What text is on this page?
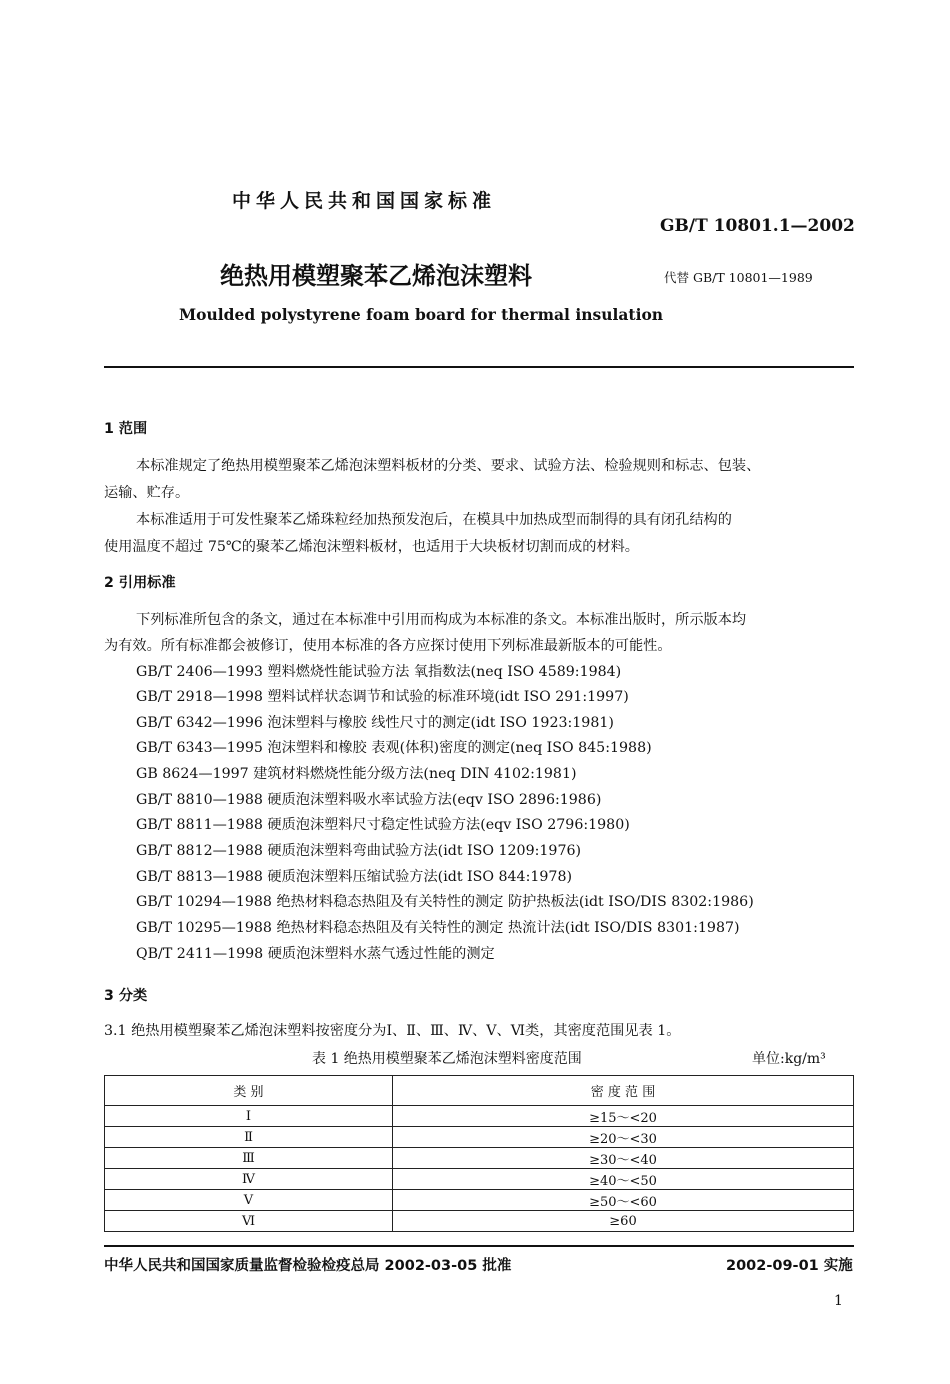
中华人民共和国国家标准
GB/T 10801.1—2002
绝热用模塑聚苯乙烯泡沫塑料	代替 GB/T 10801—1989
Moulded polystyrene foam board for thermal insulation
1 范围
本标准规定了绝热用模塑聚苯乙烯泡沫塑料板材的分类、要求、试验方法、检验规则和标志、包装、
运输、贮存。
本标准适用于可发性聚苯乙烯珠粒经加热预发泡后，在模具中加热成型而制得的具有闭孔结构的
使用温度不超过 75℃的聚苯乙烯泡沫塑料板材，也适用于大块板材切割而成的材料。
2 引用标准
下列标准所包含的条文，通过在本标准中引用而构成为本标准的条文。本标准出版时，所示版本均
为有效。所有标准都会被修订，使用本标准的各方应探讨使用下列标准最新版本的可能性。
GB/T 2406—1993 塑料燃烧性能试验方法 氧指数法(neq ISO 4589:1984)
GB/T 2918—1998 塑料试样状态调节和试验的标准环境(idt ISO 291:1997)
GB/T 6342—1996 泡沫塑料与橡胶 线性尺寸的测定(idt ISO 1923:1981)
GB/T 6343—1995 泡沫塑料和橡胶 表观(体积)密度的测定(neq ISO 845:1988)
GB 8624—1997 建筑材料燃烧性能分级方法(neq DIN 4102:1981)
GB/T 8810—1988 硬质泡沫塑料吸水率试验方法(eqv ISO 2896:1986)
GB/T 8811—1988 硬质泡沫塑料尺寸稳定性试验方法(eqv ISO 2796:1980)
GB/T 8812—1988 硬质泡沫塑料弯曲试验方法(idt ISO 1209:1976)
GB/T 8813—1988 硬质泡沫塑料压缩试验方法(idt ISO 844:1978)
GB/T 10294—1988 绝热材料稳态热阻及有关特性的测定 防护热板法(idt ISO/DIS 8302:1986)
GB/T 10295—1988 绝热材料稳态热阻及有关特性的测定 热流计法(idt ISO/DIS 8301:1987)
QB/T 2411—1998 硬质泡沫塑料水蒸气透过性能的测定
3 分类
3.1 绝热用模塑聚苯乙烯泡沫塑料按密度分为Ⅰ、Ⅱ、Ⅲ、Ⅳ、Ⅴ、Ⅵ类，其密度范围见表 1。
表 1 绝热用模塑聚苯乙烯泡沫塑料密度范围	单位:kg/m³
类 别	密 度 范 围
Ⅰ	≥15～<20
Ⅱ	≥20～<30
Ⅲ	≥30～<40
Ⅳ	≥40～<50
Ⅴ	≥50～<60
Ⅵ	≥60
中华人民共和国国家质量监督检验检疫总局 2002-03-05 批准	2002-09-01 实施
1
